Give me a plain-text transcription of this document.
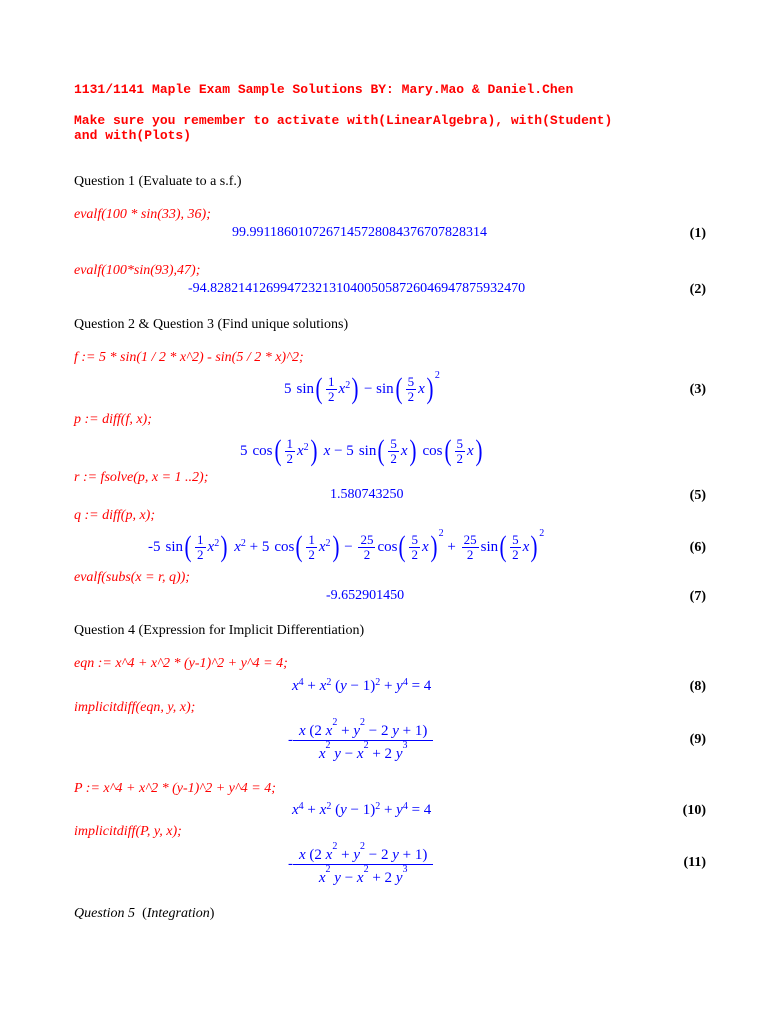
1131/1141 Maple Exam Sample Solutions BY: Mary.Mao & Daniel.Chen
Make sure you remember to activate with(LinearAlgebra), with(Student)
and with(Plots)
Question 1 (Evaluate to a s.f.)
evalf(100 * sin(33), 36);
99.9911860107267145728084376707828314	(1)
evalf(100*sin(93),47);
-94.828214126994723213104005058726046947875932470	(2)
Question 2 & Question 3 (Find unique solutions)
f := 5 * sin(1 / 2 * x^2) - sin(5 / 2 * x)^2;
5 sin ( $\frac{1}{2} x^2$ ) − sin ( $\frac{5}{2}$ x )$^2$
(3)
p := diff(f, x);
5 cos ( $\frac{1}{2} x^2$ ) x − 5 sin ( $\frac{5}{2}$ x ) cos ( $\frac{5}{2}$ x )
r := fsolve(p, x = 1 ..2);
1.580743250	(5)
q := diff(p, x);
-5 sin ( $\frac{1}{2} x^2$ ) $x^2 + 5$ cos ( $\frac{1}{2} x^2$ ) − $\frac{25}{2}$ cos ( $\frac{5}{2}$ x )$^2$
+ $\frac{25}{2}$ sin ( $\frac{5}{2}$ x )$^2$
(6)
evalf(subs(x = r, q));
-9.652901450	(7)
Question 4 (Expression for Implicit Differentiation)
eqn := x^4 + x^2 * (y-1)^2 + y^4 = 4;
$x^4 + x^2$ ( $y - 1)^2 + y^4 = 4$	(8)
implicitdiff(eqn, y, x);
- $\frac{x (2 x^2 + y^2 - 2 y + 1)}{x^2 y - x^2 + 2 y^3}$	(9)
P := x^4 + x^2 * (y-1)^2 + y^4 = 4;
$x^4 + x^2$ ( $y - 1)^2 + y^4 = 4$	(10)
implicitdiff(P, y, x);
- $\frac{x (2 x^2 + y^2 - 2 y + 1)}{x^2 y - x^2 + 2 y^3}$	(11)
Question 5  (Integration)
